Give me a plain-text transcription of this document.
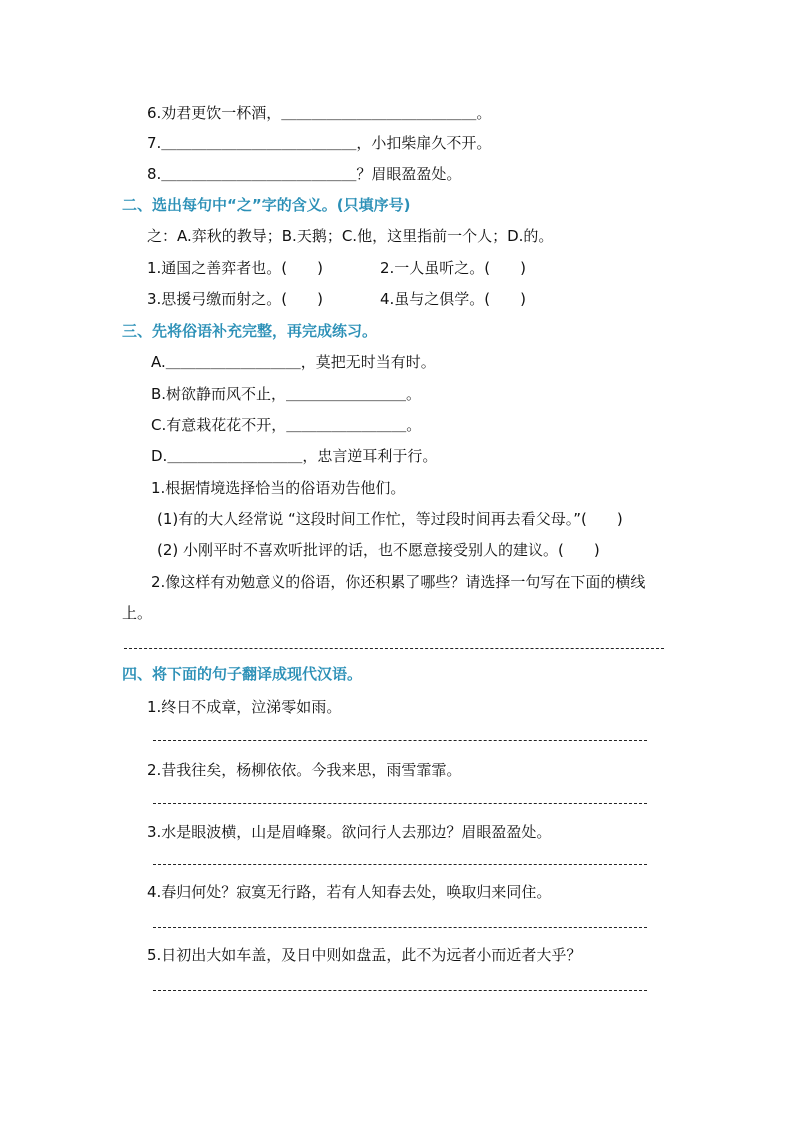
6.劝君更饮一杯酒，＿＿＿＿＿＿＿＿＿＿＿＿＿。
7.＿＿＿＿＿＿＿＿＿＿＿＿＿，小扣柴扉久不开。
8.＿＿＿＿＿＿＿＿＿＿＿＿＿？眉眼盈盈处。
二、选出每句中“之”字的含义。(只填序号)
之：A.弈秋的教导；B.天鹅；C.他，这里指前一个人；D.的。
1.通国之善弈者也。(　　)	2.一人虽听之。(　　)
3.思援弓缴而射之。(　　)	4.虽与之俱学。(　　)
三、先将俗语补充完整，再完成练习。
A.＿＿＿＿＿＿＿＿＿，莫把无时当有时。
B.树欲静而风不止，＿＿＿＿＿＿＿＿。
C.有意栽花花不开，＿＿＿＿＿＿＿＿。
D.＿＿＿＿＿＿＿＿＿，忠言逆耳利于行。
1.根据情境选择恰当的俗语劝告他们。
(1)有的大人经常说 “这段时间工作忙，等过段时间再去看父母。”(　　)
(2) 小刚平时不喜欢听批评的话，也不愿意接受别人的建议。(　　)
2.像这样有劝勉意义的俗语，你还积累了哪些？请选择一句写在下面的横线
上。
四、将下面的句子翻译成现代汉语。
1.终日不成章，泣涕零如雨。
2.昔我往矣，杨柳依依。今我来思，雨雪霏霏。
3.水是眼波横，山是眉峰聚。欲问行人去那边？眉眼盈盈处。
4.春归何处？寂寞无行路，若有人知春去处，唤取归来同住。
5.日初出大如车盖，及日中则如盘盂，此不为远者小而近者大乎？
